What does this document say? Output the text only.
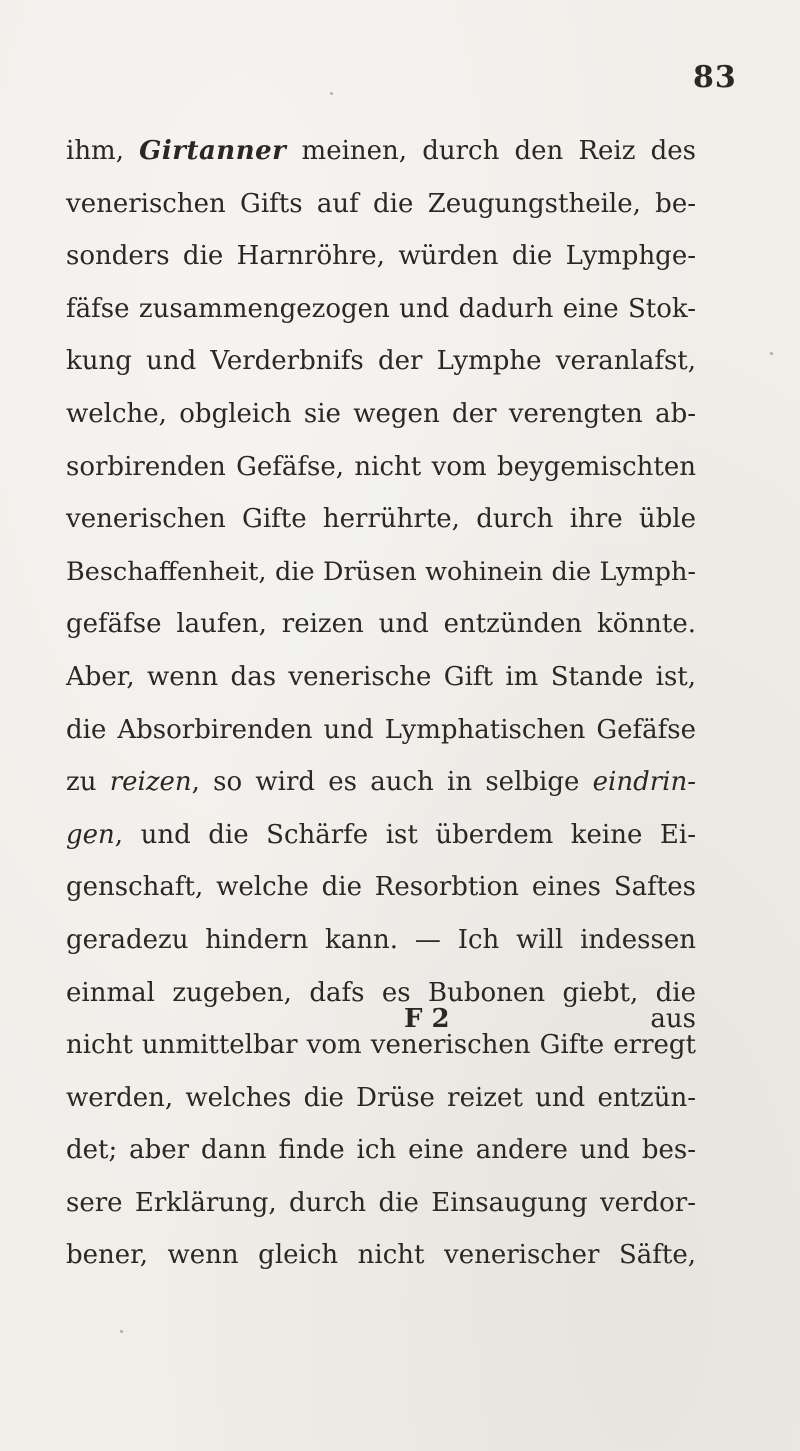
83
ihm, Girtanner meinen, durch den Reiz des
venerischen Gifts auf die Zeugungstheile, be-
sonders die Harnröhre, würden die Lymphge-
fäfse zusammengezogen und dadurh eine Stok-
kung und Verderbnifs der Lymphe veranlafst,
welche, obgleich sie wegen der verengten ab-
sorbirenden Gefäfse, nicht vom beygemischten
venerischen Gifte herrührte, durch ihre üble
Beschaffenheit, die Drüsen wohinein die Lymph-
gefäfse laufen, reizen und entzünden könnte.
Aber, wenn das venerische Gift im Stande ist,
die Absorbirenden und Lymphatischen Gefäfse
zu reizen, so wird es auch in selbige eindrin-
gen, und die Schärfe ist überdem keine Ei-
genschaft, welche die Resorbtion eines Saftes
geradezu hindern kann. — Ich will indessen
einmal zugeben, dafs es Bubonen giebt, die
nicht unmittelbar vom venerischen Gifte erregt
werden, welches die Drüse reizet und entzün-
det; aber dann finde ich eine andere und bes-
sere Erklärung, durch die Einsaugung verdor-
bener, wenn gleich nicht venerischer Säfte,
F 2	aus
